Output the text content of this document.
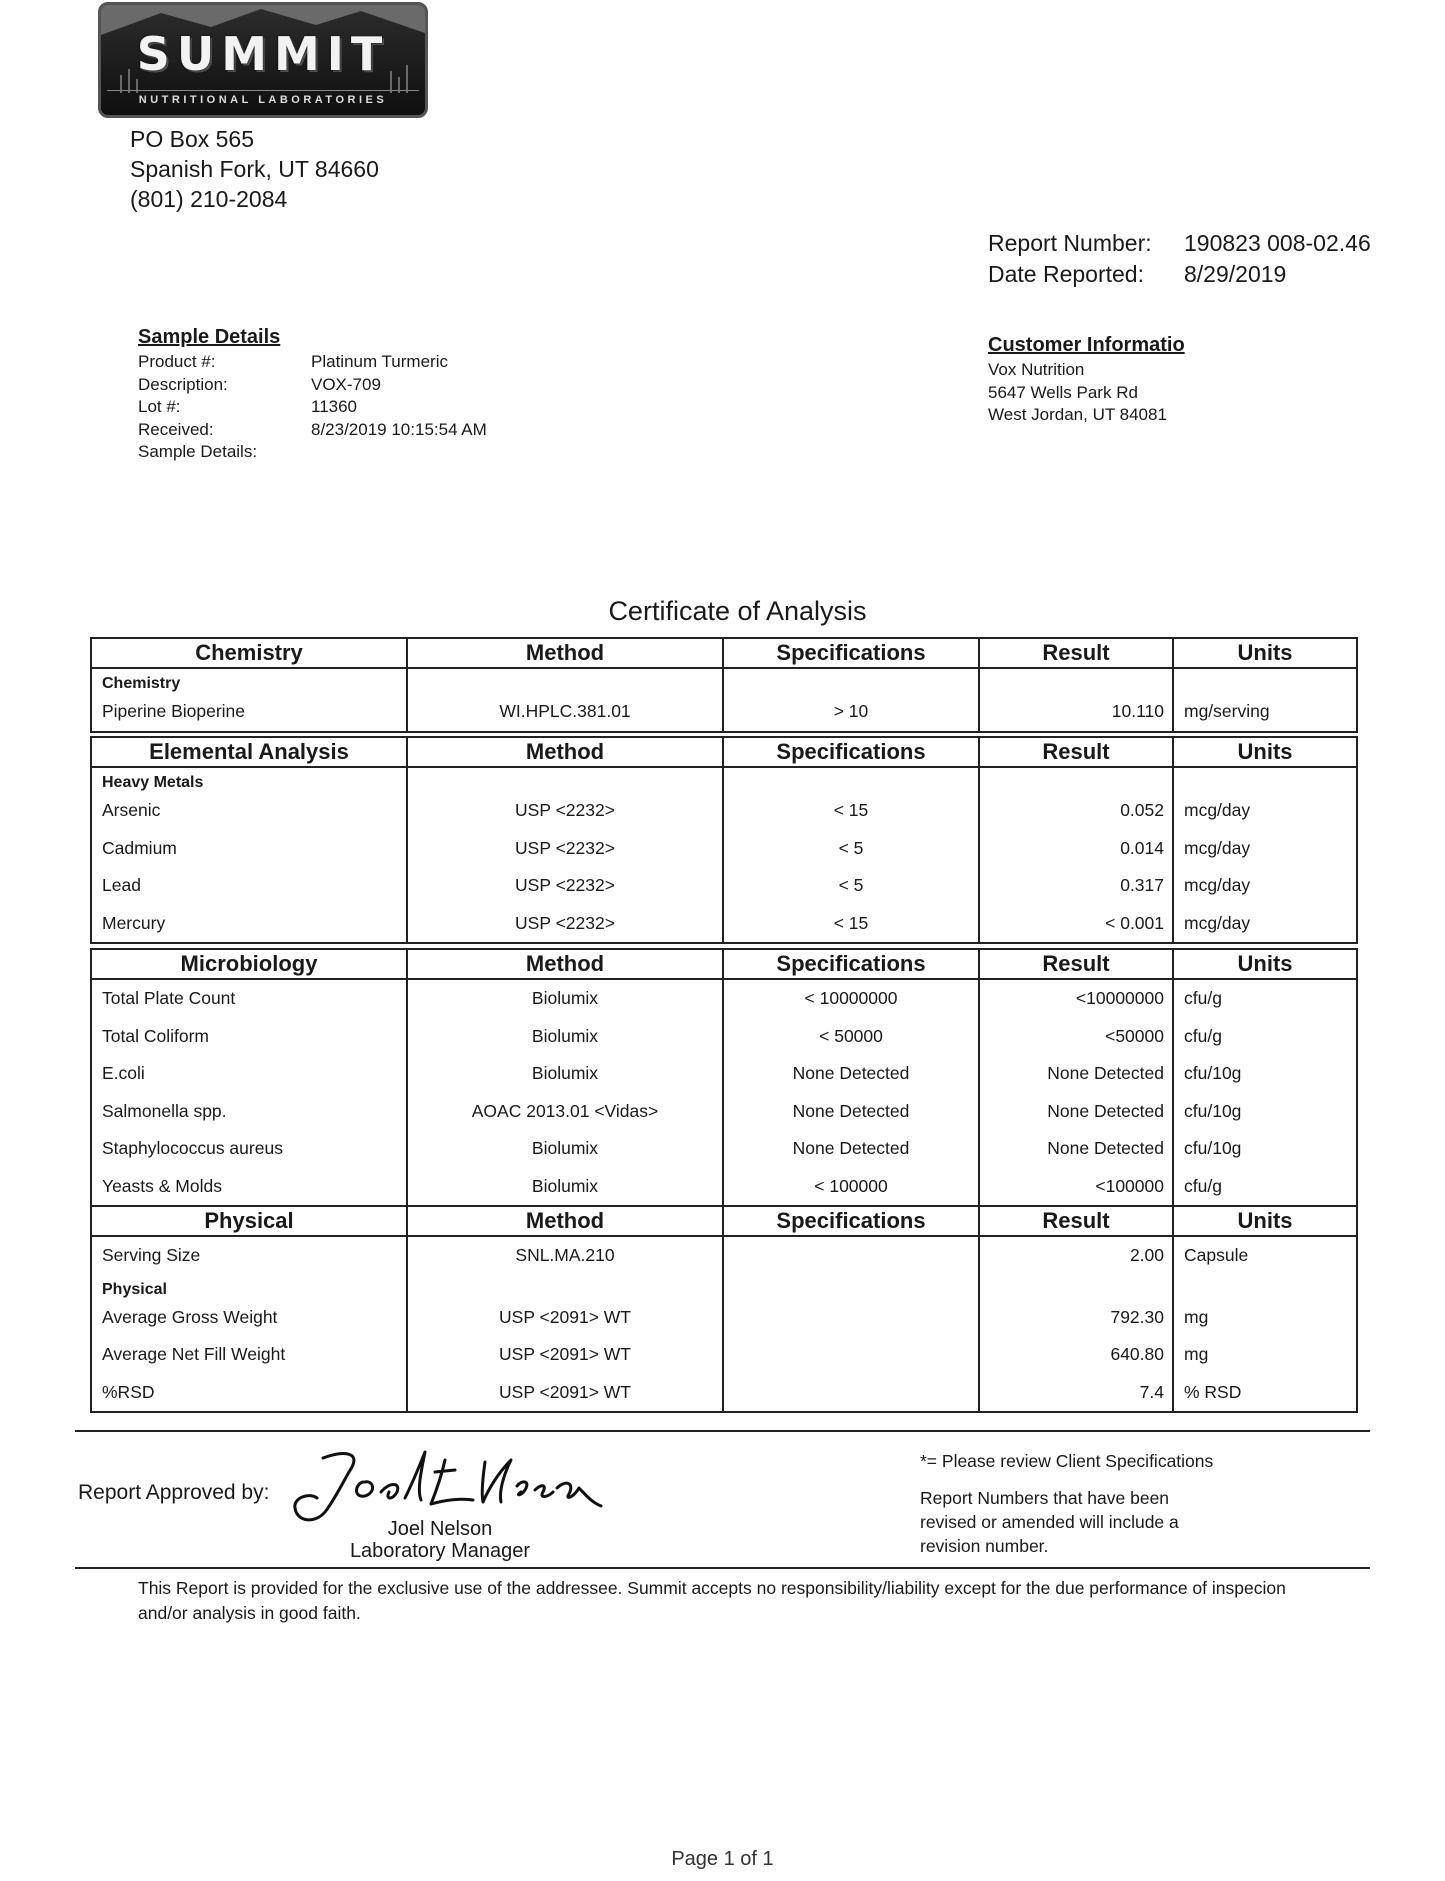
SUMMIT
NUTRITIONAL LABORATORIES
PO Box 565
Spanish Fork, UT 84660
(801) 210-2084
Report Number: 190823 008-02.46
Date Reported: 8/29/2019
Sample Details
Product #:	Platinum Turmeric
Description:	VOX-709
Lot #:	11360
Received:	8/23/2019 10:15:54 AM
Sample Details:
Customer Informatio
Vox Nutrition
5647 Wells Park Rd
West Jordan, UT 84081
Certificate of Analysis
Chemistry	Method	Specifications	Result	Units
Chemistry				
Piperine Bioperine	WI.HPLC.381.01	> 10	10.110	mg/serving
Elemental Analysis	Method	Specifications	Result	Units
Heavy Metals				
Arsenic	USP <2232>	< 15	0.052	mcg/day
Cadmium	USP <2232>	< 5	0.014	mcg/day
Lead	USP <2232>	< 5	0.317	mcg/day
Mercury	USP <2232>	< 15	< 0.001	mcg/day
Microbiology	Method	Specifications	Result	Units
Total Plate Count	Biolumix	< 10000000	<10000000	cfu/g
Total Coliform	Biolumix	< 50000	<50000	cfu/g
E.coli	Biolumix	None Detected	None Detected	cfu/10g
Salmonella spp.	AOAC 2013.01 <Vidas>	None Detected	None Detected	cfu/10g
Staphylococcus aureus	Biolumix	None Detected	None Detected	cfu/10g
Yeasts & Molds	Biolumix	< 100000	<100000	cfu/g
Physical	Method	Specifications	Result	Units
Serving Size	SNL.MA.210		2.00	Capsule
Physical				
Average Gross Weight	USP <2091> WT		792.30	mg
Average Net Fill Weight	USP <2091> WT		640.80	mg
%RSD	USP <2091> WT		7.4	% RSD
Report Approved by:
Joel Nelson
Laboratory Manager
*= Please review Client Specifications
Report Numbers that have been
revised or amended will include a
revision number.
This Report is provided for the exclusive use of the addressee. Summit accepts no responsibility/liability except for the due performance of inspecion and/or analysis in good faith.
Page 1 of 1
